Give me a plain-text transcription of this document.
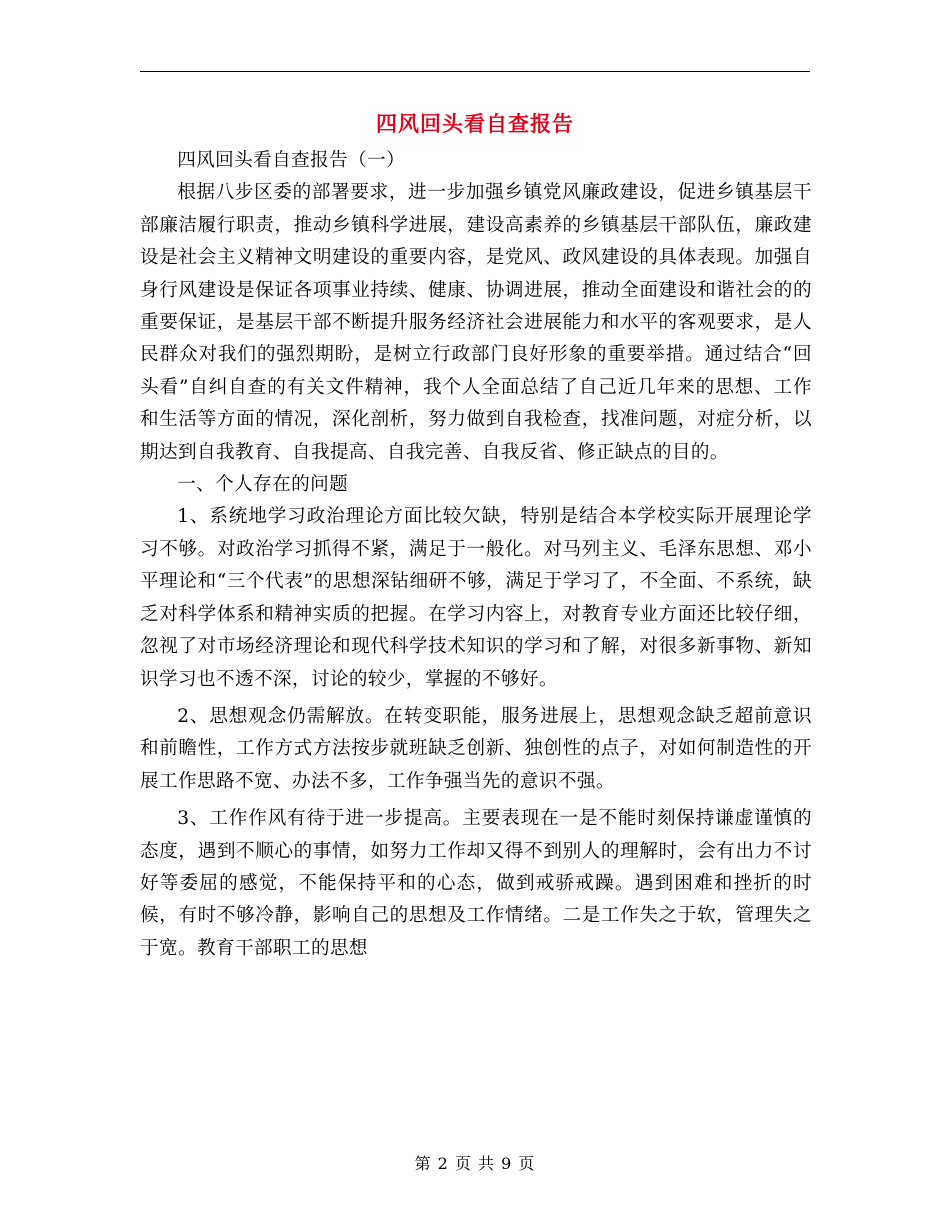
四风回头看自查报告

四风回头看自查报告（一）

根据八步区委的部署要求，进一步加强乡镇党风廉政建设，促进乡镇基层干部廉洁履行职责，推动乡镇科学进展，建设高素养的乡镇基层干部队伍，廉政建设是社会主义精神文明建设的重要内容，是党风、政风建设的具体表现。加强自身行风建设是保证各项事业持续、健康、协调进展，推动全面建设和谐社会的的重要保证，是基层干部不断提升服务经济社会进展能力和水平的客观要求，是人民群众对我们的强烈期盼，是树立行政部门良好形象的重要举措。通过结合“回头看”自纠自查的有关文件精神，我个人全面总结了自己近几年来的思想、工作和生活等方面的情况，深化剖析，努力做到自我检查，找准问题，对症分析，以期达到自我教育、自我提高、自我完善、自我反省、修正缺点的目的。

一、个人存在的问题

1、系统地学习政治理论方面比较欠缺，特别是结合本学校实际开展理论学习不够。对政治学习抓得不紧，满足于一般化。对马列主义、毛泽东思想、邓小平理论和“三个代表”的思想深钻细研不够，满足于学习了，不全面、不系统，缺乏对科学体系和精神实质的把握。在学习内容上，对教育专业方面还比较仔细，忽视了对市场经济理论和现代科学技术知识的学习和了解，对很多新事物、新知识学习也不透不深，讨论的较少，掌握的不够好。

2、思想观念仍需解放。在转变职能，服务进展上，思想观念缺乏超前意识和前瞻性，工作方式方法按步就班缺乏创新、独创性的点子，对如何制造性的开展工作思路不宽、办法不多，工作争强当先的意识不强。

3、工作作风有待于进一步提高。主要表现在一是不能时刻保持谦虚谨慎的态度，遇到不顺心的事情，如努力工作却又得不到别人的理解时，会有出力不讨好等委屈的感觉，不能保持平和的心态，做到戒骄戒躁。遇到困难和挫折的时候，有时不够冷静，影响自己的思想及工作情绪。二是工作失之于软，管理失之于宽。教育干部职工的思想

第 2 页 共 9 页
